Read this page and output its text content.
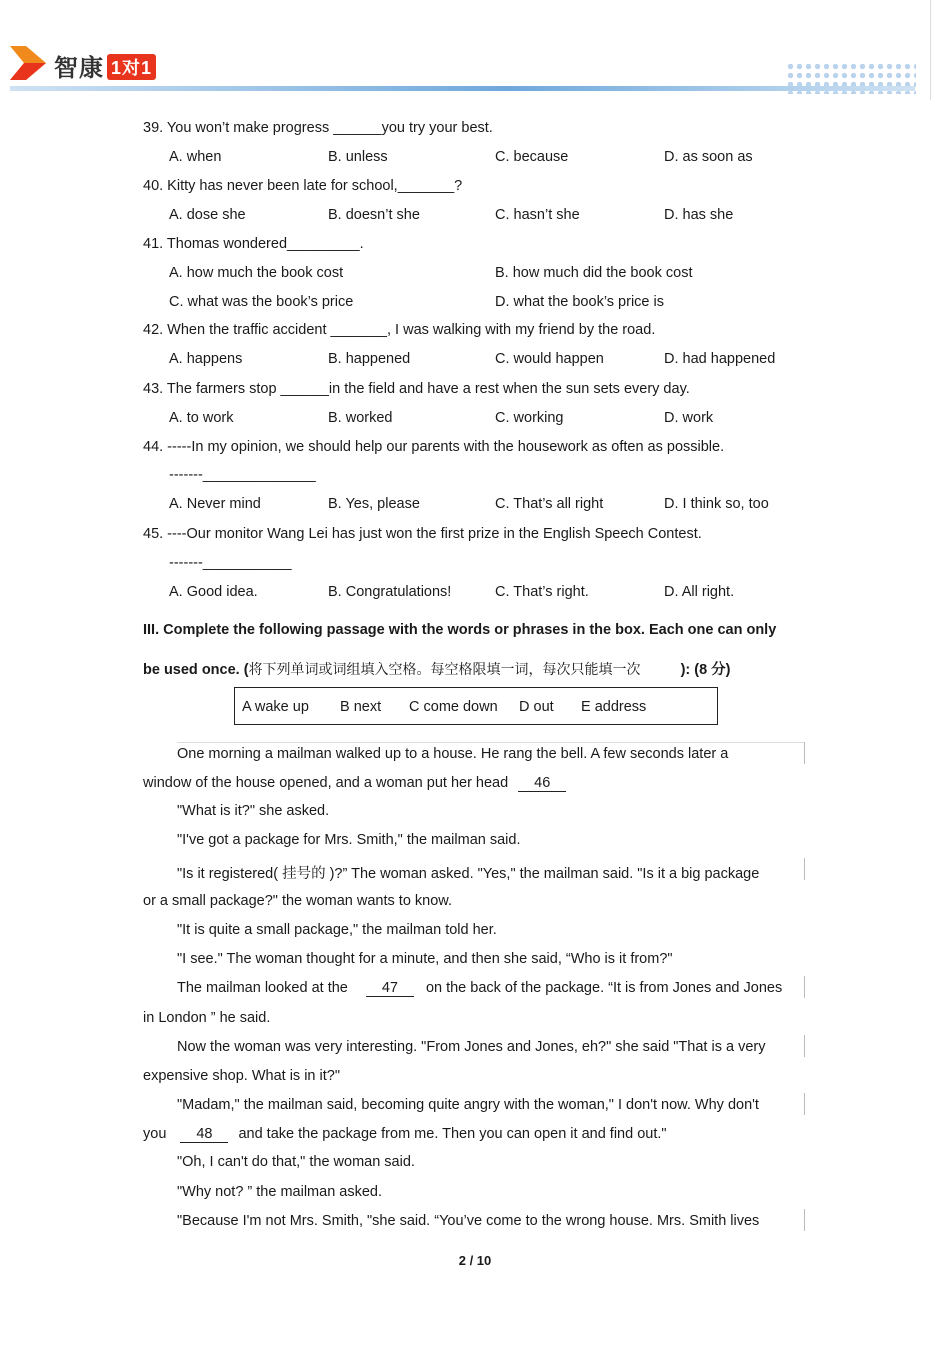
智康 1对1
39. You won’t make progress ______you try your best.
A. when	B. unless	C. because	D. as soon as
40. Kitty has never been late for school,_______?
A. dose she	B. doesn’t she	C. hasn’t she	D. has she
41. Thomas wondered_________.
A. how much the book cost	B. how much did the book cost
C. what was the book’s price	D. what the book’s price is
42. When the traffic accident _______, I was walking with my friend by the road.
A. happens	B. happened	C. would happen	D. had happened
43. The farmers stop ______in the field and have a rest when the sun sets every day.
A. to work	B. worked	C. working	D. work
44. -----In my opinion, we should help our parents with the housework as often as possible.
-------______________
A. Never mind	B. Yes, please	C. That’s all right	D. I think so, too
45. ----Our monitor Wang Lei has just won the first prize in the English Speech Contest.
-------___________
A. Good idea.	B. Congratulations!	C. That’s right.	D. All right.
III. Complete the following passage with the words or phrases in the box. Each one can only
be used once. (将下列单词或词组填入空格。每空格限填一词，每次只能填一次	): (8 分)
A wake up B next C come down D out E address
One morning a mailman walked up to a house. He rang the bell. A few seconds later a
window of the house opened, and a woman put her head 46
"What is it?" she asked.
"I've got a package for Mrs. Smith," the mailman said.
"Is it registered( 挂号的 )?” The woman asked. "Yes," the mailman said. "Is it a big package
or a small package?" the woman wants to know.
"It is quite a small package," the mailman told her.
"I see." The woman thought for a minute, and then she said, “Who is it from?"
The mailman looked at the 47 on the back of the package. “It is from Jones and Jones
in London ” he said.
Now the woman was very interesting. "From Jones and Jones, eh?" she said "That is a very
expensive shop. What is in it?"
"Madam," the mailman said, becoming quite angry with the woman," I don't now. Why don't
you 48 and take the package from me. Then you can open it and find out."
"Oh, I can't do that," the woman said.
"Why not? ” the mailman asked.
"Because I'm not Mrs. Smith, "she said. “You’ve come to the wrong house. Mrs. Smith lives
2 / 10
